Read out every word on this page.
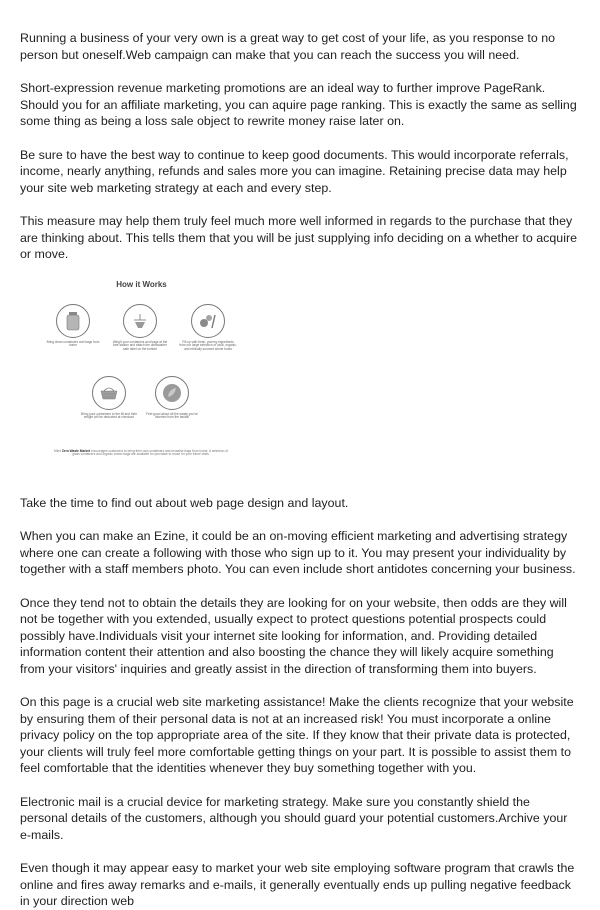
Running a business of your very own is a great way to get cost of your life, as you response to no person but oneself.Web campaign can make that you can reach the success you will need.

Short-expression revenue marketing promotions are an ideal way to further improve PageRank. Should you for an affiliate marketing, you can aquire page ranking. This is exactly the same as selling some thing as being a loss sale object to rewrite money raise later on.

Be sure to have the best way to continue to keep good documents. This would incorporate referrals, income, nearly anything, refunds and sales more you can imagine. Retaining precise data may help your site web marketing strategy at each and every step.

This measure may help them truly feel much more well informed in regards to the purchase that they are thinking about. This tells them that you will be just supplying info deciding on a whether to acquire or move.

How it Works
Bring clean containers and bags from home
Weigh your containers and bags at the tare station and attach the dishwasher safe label on the bottom
Fill up with fresh, yummy ingredients from our large selection of local, organic, and ethically sourced whole foods
Bring your containers to the till and their weight will be deducted at checkout
Feel good about all the waste you've diverted from the landfill
Mind Zero Waste Market encourages customers to bring their own containers and reusable bags from home. A selection of glass containers and organic cotton bags are available for purchase to reuse for your future visits.

Take the time to find out about web page design and layout.

When you can make an Ezine, it could be an on-moving efficient marketing and advertising strategy where one can create a following with those who sign up to it. You may present your individuality by together with a staff members photo. You can even include short antidotes concerning your business.

Once they tend not to obtain the details they are looking for on your website, then odds are they will not be together with you extended, usually expect to protect questions potential prospects could possibly have.Individuals visit your internet site looking for information, and. Providing detailed information content their attention and also boosting the chance they will likely acquire something from your visitors' inquiries and greatly assist in the direction of transforming them into buyers.

On this page is a crucial web site marketing assistance! Make the clients recognize that your website by ensuring them of their personal data is not at an increased risk! You must incorporate a online privacy policy on the top appropriate area of the site. If they know that their private data is protected, your clients will truly feel more comfortable getting things on your part. It is possible to assist them to feel comfortable that the identities whenever they buy something together with you.

Electronic mail is a crucial device for marketing strategy. Make sure you constantly shield the personal details of the customers, although you should guard your potential customers.Archive your e-mails.

Even though it may appear easy to market your web site employing software program that crawls the online and fires away remarks and e-mails, it generally eventually ends up pulling negative feedback in your direction web
